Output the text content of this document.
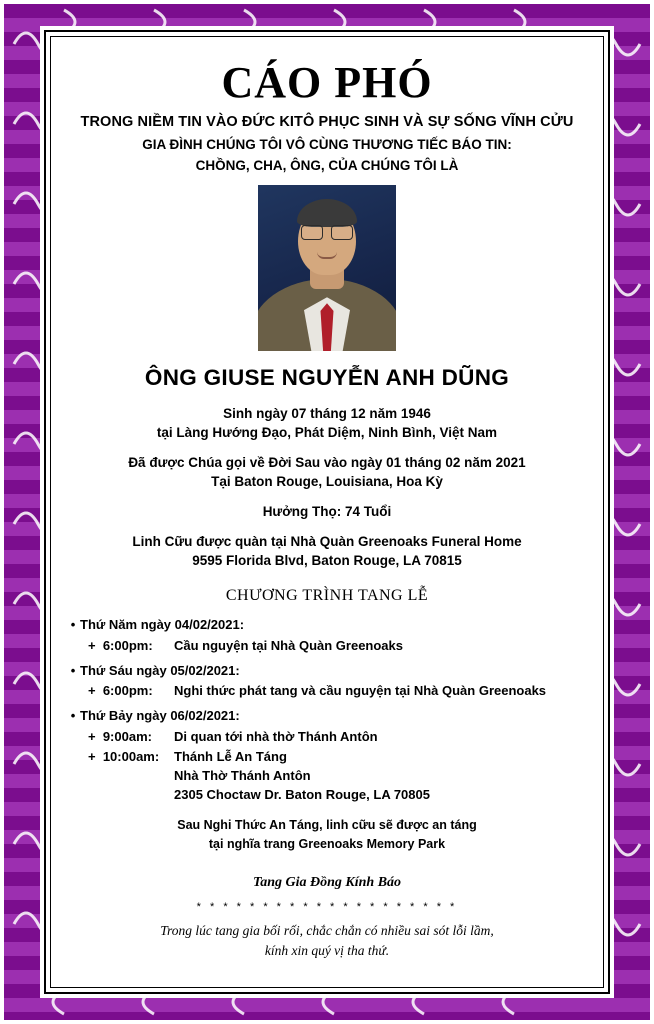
CÁO PHÓ
TRONG NIỀM TIN VÀO ĐỨC KITÔ PHỤC SINH VÀ SỰ SỐNG VĨNH CỬU
GIA ĐÌNH CHÚNG TÔI VÔ CÙNG THƯƠNG TIẾC BÁO TIN:
CHỒNG, CHA, ÔNG, CỦA CHÚNG TÔI LÀ
ÔNG GIUSE NGUYỄN ANH DŨNG
Sinh ngày 07 tháng 12 năm 1946
tại Làng Hướng Đạo, Phát Diệm, Ninh Bình, Việt Nam
Đã được Chúa gọi về Đời Sau vào ngày 01 tháng 02 năm 2021
Tại Baton Rouge, Louisiana, Hoa Kỳ
Hưởng Thọ: 74 Tuổi
Linh Cữu được quàn tại Nhà Quàn Greenoaks Funeral Home
9595 Florida Blvd, Baton Rouge, LA 70815
CHƯƠNG TRÌNH TANG LỄ
• Thứ Năm ngày 04/02/2021:
+ 6:00pm:	Cầu nguyện tại Nhà Quàn Greenoaks
• Thứ Sáu ngày 05/02/2021:
+ 6:00pm:	Nghi thức phát tang và cầu nguyện tại Nhà Quàn Greenoaks
• Thứ Bảy ngày 06/02/2021:
+ 9:00am:	Di quan tới nhà thờ Thánh Antôn
+ 10:00am:	Thánh Lễ An Táng
Nhà Thờ Thánh Antôn
2305 Choctaw Dr. Baton Rouge, LA 70805
Sau Nghi Thức An Táng, linh cữu sẽ được an táng
tại nghĩa trang Greenoaks Memory Park
Tang Gia Đồng Kính Báo
* * * * * * * * * * * * * * * * * * * *
Trong lúc tang gia bối rối, chắc chắn có nhiều sai sót lỗi lầm,
kính xin quý vị tha thứ.
